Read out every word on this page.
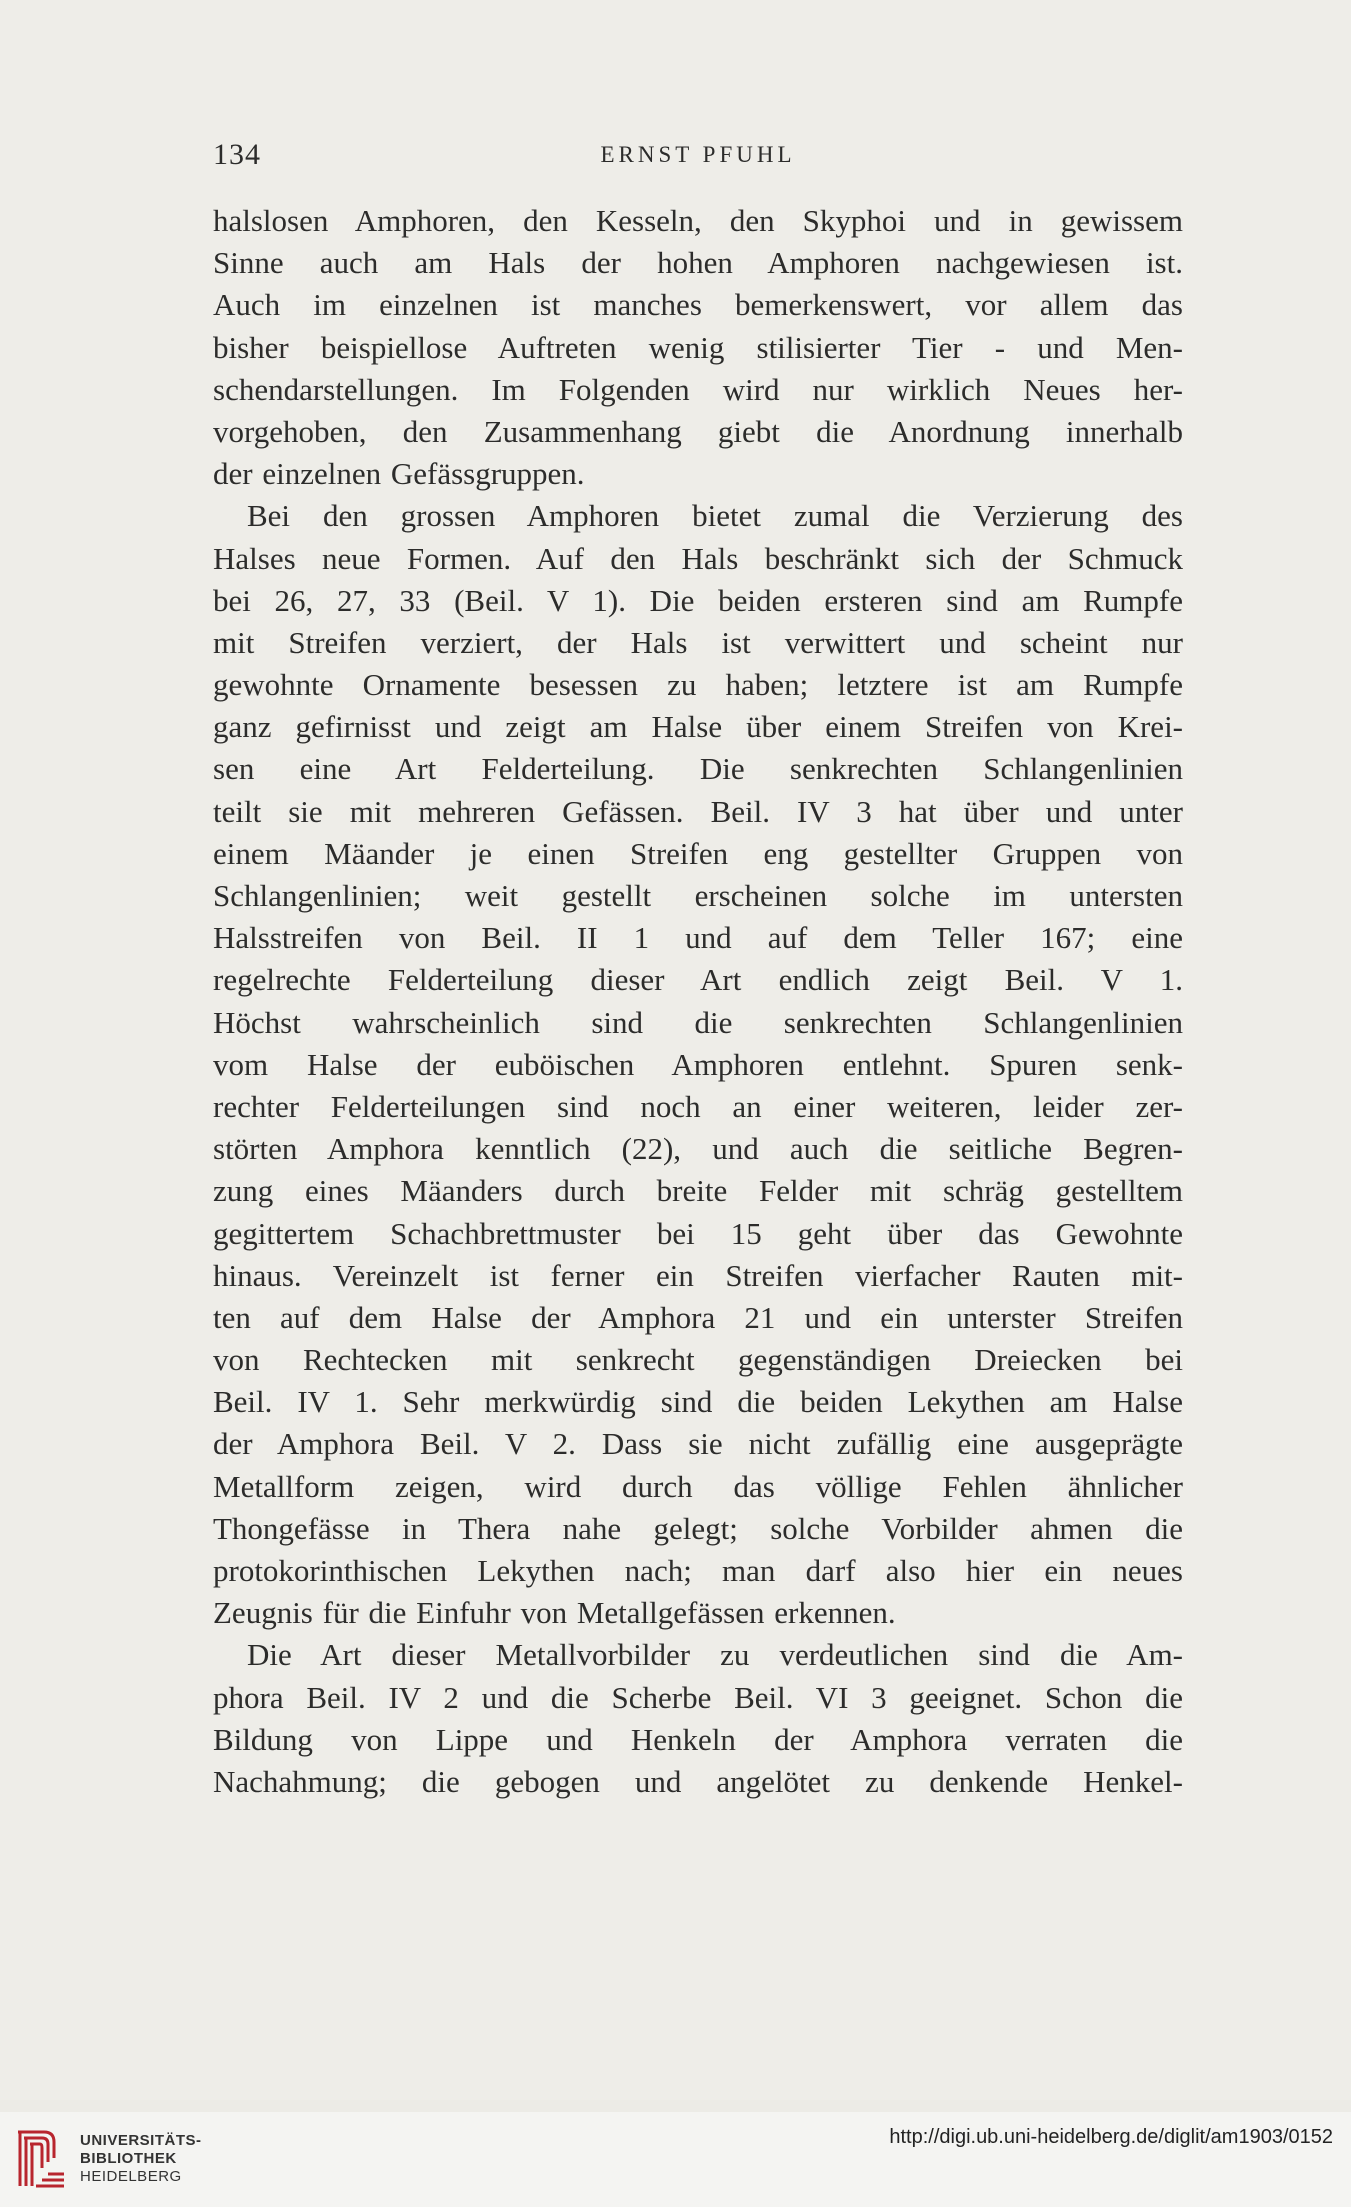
134	ERNST PFUHL
halslosen Amphoren, den Kesseln, den Skyphoi und in gewissem
Sinne auch am Hals der hohen Amphoren nachgewiesen ist.
Auch im einzelnen ist manches bemerkenswert, vor allem das
bisher beispiellose Auftreten wenig stilisierter Tier - und Men-
schendarstellungen. Im Folgenden wird nur wirklich Neues her-
vorgehoben, den Zusammenhang giebt die Anordnung innerhalb
der einzelnen Gefässgruppen.
Bei den grossen Amphoren bietet zumal die Verzierung des
Halses neue Formen. Auf den Hals beschränkt sich der Schmuck
bei 26, 27, 33 (Beil. V 1). Die beiden ersteren sind am Rumpfe
mit Streifen verziert, der Hals ist verwittert und scheint nur
gewohnte Ornamente besessen zu haben; letztere ist am Rumpfe
ganz gefirnisst und zeigt am Halse über einem Streifen von Krei-
sen eine Art Felderteilung. Die senkrechten Schlangenlinien
teilt sie mit mehreren Gefässen. Beil. IV 3 hat über und unter
einem Mäander je einen Streifen eng gestellter Gruppen von
Schlangenlinien; weit gestellt erscheinen solche im untersten
Halsstreifen von Beil. II 1 und auf dem Teller 167; eine
regelrechte Felderteilung dieser Art endlich zeigt Beil. V 1.
Höchst wahrscheinlich sind die senkrechten Schlangenlinien
vom Halse der euböischen Amphoren entlehnt. Spuren senk-
rechter Felderteilungen sind noch an einer weiteren, leider zer-
störten Amphora kenntlich (22), und auch die seitliche Begren-
zung eines Mäanders durch breite Felder mit schräg gestelltem
gegittertem Schachbrettmuster bei 15 geht über das Gewohnte
hinaus. Vereinzelt ist ferner ein Streifen vierfacher Rauten mit-
ten auf dem Halse der Amphora 21 und ein unterster Streifen
von Rechtecken mit senkrecht gegenständigen Dreiecken bei
Beil. IV 1. Sehr merkwürdig sind die beiden Lekythen am Halse
der Amphora Beil. V 2. Dass sie nicht zufällig eine ausgeprägte
Metallform zeigen, wird durch das völlige Fehlen ähnlicher
Thongefässe in Thera nahe gelegt; solche Vorbilder ahmen die
protokorinthischen Lekythen nach; man darf also hier ein neues
Zeugnis für die Einfuhr von Metallgefässen erkennen.
Die Art dieser Metallvorbilder zu verdeutlichen sind die Am-
phora Beil. IV 2 und die Scherbe Beil. VI 3 geeignet. Schon die
Bildung von Lippe und Henkeln der Amphora verraten die
Nachahmung; die gebogen und angelötet zu denkende Henkel-
UNIVERSITÄTS-
BIBLIOTHEK
HEIDELBERG
http://digi.ub.uni-heidelberg.de/diglit/am1903/0152
